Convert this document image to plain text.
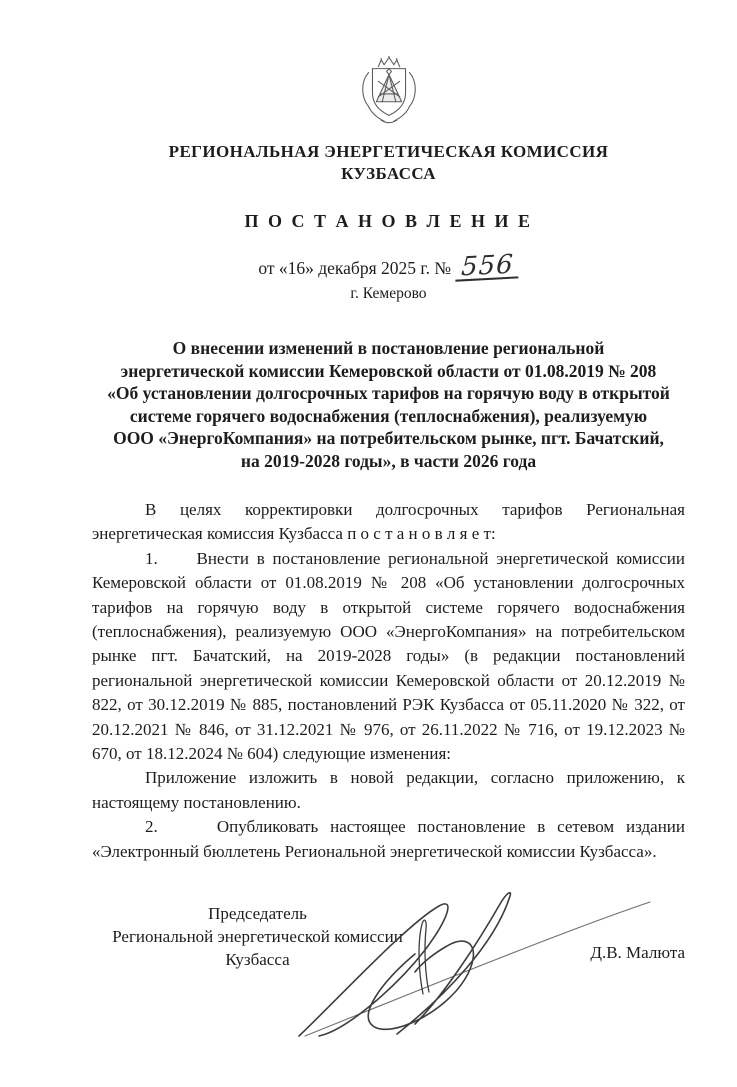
РЕГИОНАЛЬНАЯ ЭНЕРГЕТИЧЕСКАЯ КОМИССИЯ
КУЗБАССА
П О С Т А Н О В Л Е Н И Е
от «16» декабря 2025 г. № 556
г. Кемерово
О внесении изменений в постановление региональной
энергетической комиссии Кемеровской области от 01.08.2019 № 208
«Об установлении долгосрочных тарифов на горячую воду в открытой
системе горячего водоснабжения (теплоснабжения), реализуемую
ООО «ЭнергоКомпания» на потребительском рынке, пгт. Бачатский,
на 2019-2028 годы», в части 2026 года

В целях корректировки долгосрочных тарифов Региональная энергетическая комиссия Кузбасса п о с т а н о в л я е т:

1.     Внести в постановление региональной энергетической комиссии Кемеровской области от 01.08.2019 № 208 «Об установлении долгосрочных тарифов на горячую воду в открытой системе горячего водоснабжения (теплоснабжения), реализуемую ООО «ЭнергоКомпания» на потребительском рынке пгт. Бачатский, на 2019-2028 годы» (в редакции постановлений региональной энергетической комиссии Кемеровской области от 20.12.2019 № 822, от 30.12.2019 № 885, постановлений РЭК Кузбасса от 05.11.2020 № 322, от 20.12.2021 № 846, от 31.12.2021 № 976, от 26.11.2022 № 716, от 19.12.2023 № 670, от 18.12.2024 № 604) следующие изменения:

Приложение изложить в новой редакции, согласно приложению, к настоящему постановлению.

2.     Опубликовать настоящее постановление в сетевом издании «Электронный бюллетень Региональной энергетической комиссии Кузбасса».

Председатель
Региональной энергетической комиссии
Кузбасса	Д.В. Малюта
